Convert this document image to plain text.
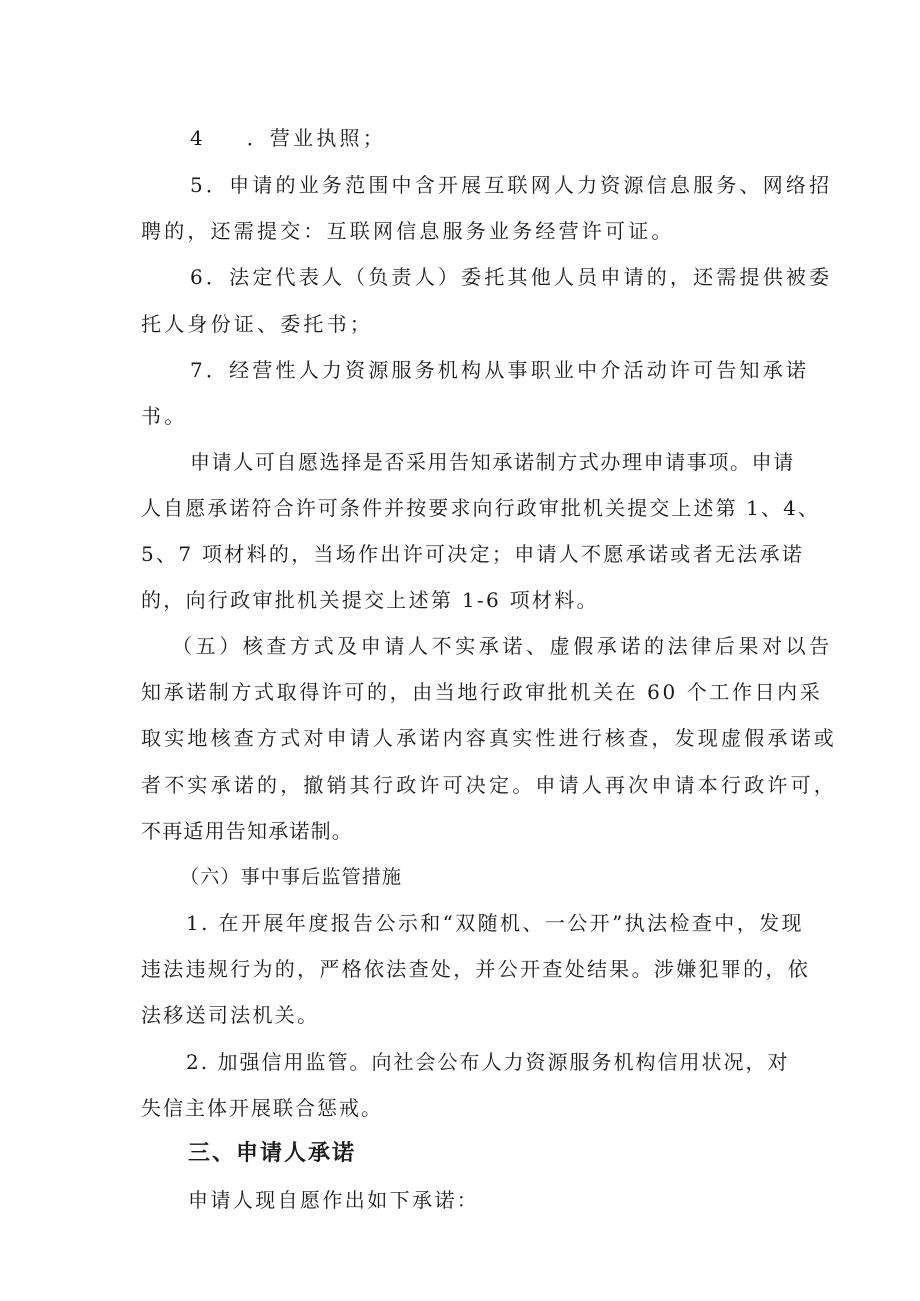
4 ．营业执照；
5．申请的业务范围中含开展互联网人力资源信息服务、网络招
聘的，还需提交：互联网信息服务业务经营许可证。
6．法定代表人（负责人）委托其他人员申请的，还需提供被委
托人身份证、委托书；
7．经营性人力资源服务机构从事职业中介活动许可告知承诺
书。
申请人可自愿选择是否采用告知承诺制方式办理申请事项。申请
人自愿承诺符合许可条件并按要求向行政审批机关提交上述第 1、4、
5、7 项材料的，当场作出许可决定；申请人不愿承诺或者无法承诺
的，向行政审批机关提交上述第 1-6 项材料。
（五）核查方式及申请人不实承诺、虚假承诺的法律后果对以告
知承诺制方式取得许可的，由当地行政审批机关在 60 个工作日内采
取实地核查方式对申请人承诺内容真实性进行核查，发现虚假承诺或
者不实承诺的，撤销其行政许可决定。申请人再次申请本行政许可，
不再适用告知承诺制。
（六）事中事后监管措施
1. 在开展年度报告公示和“双随机、一公开”执法检查中，发现
违法违规行为的，严格依法查处，并公开查处结果。涉嫌犯罪的，依
法移送司法机关。
2. 加强信用监管。向社会公布人力资源服务机构信用状况，对
失信主体开展联合惩戒。
三、申请人承诺
申请人现自愿作出如下承诺：
